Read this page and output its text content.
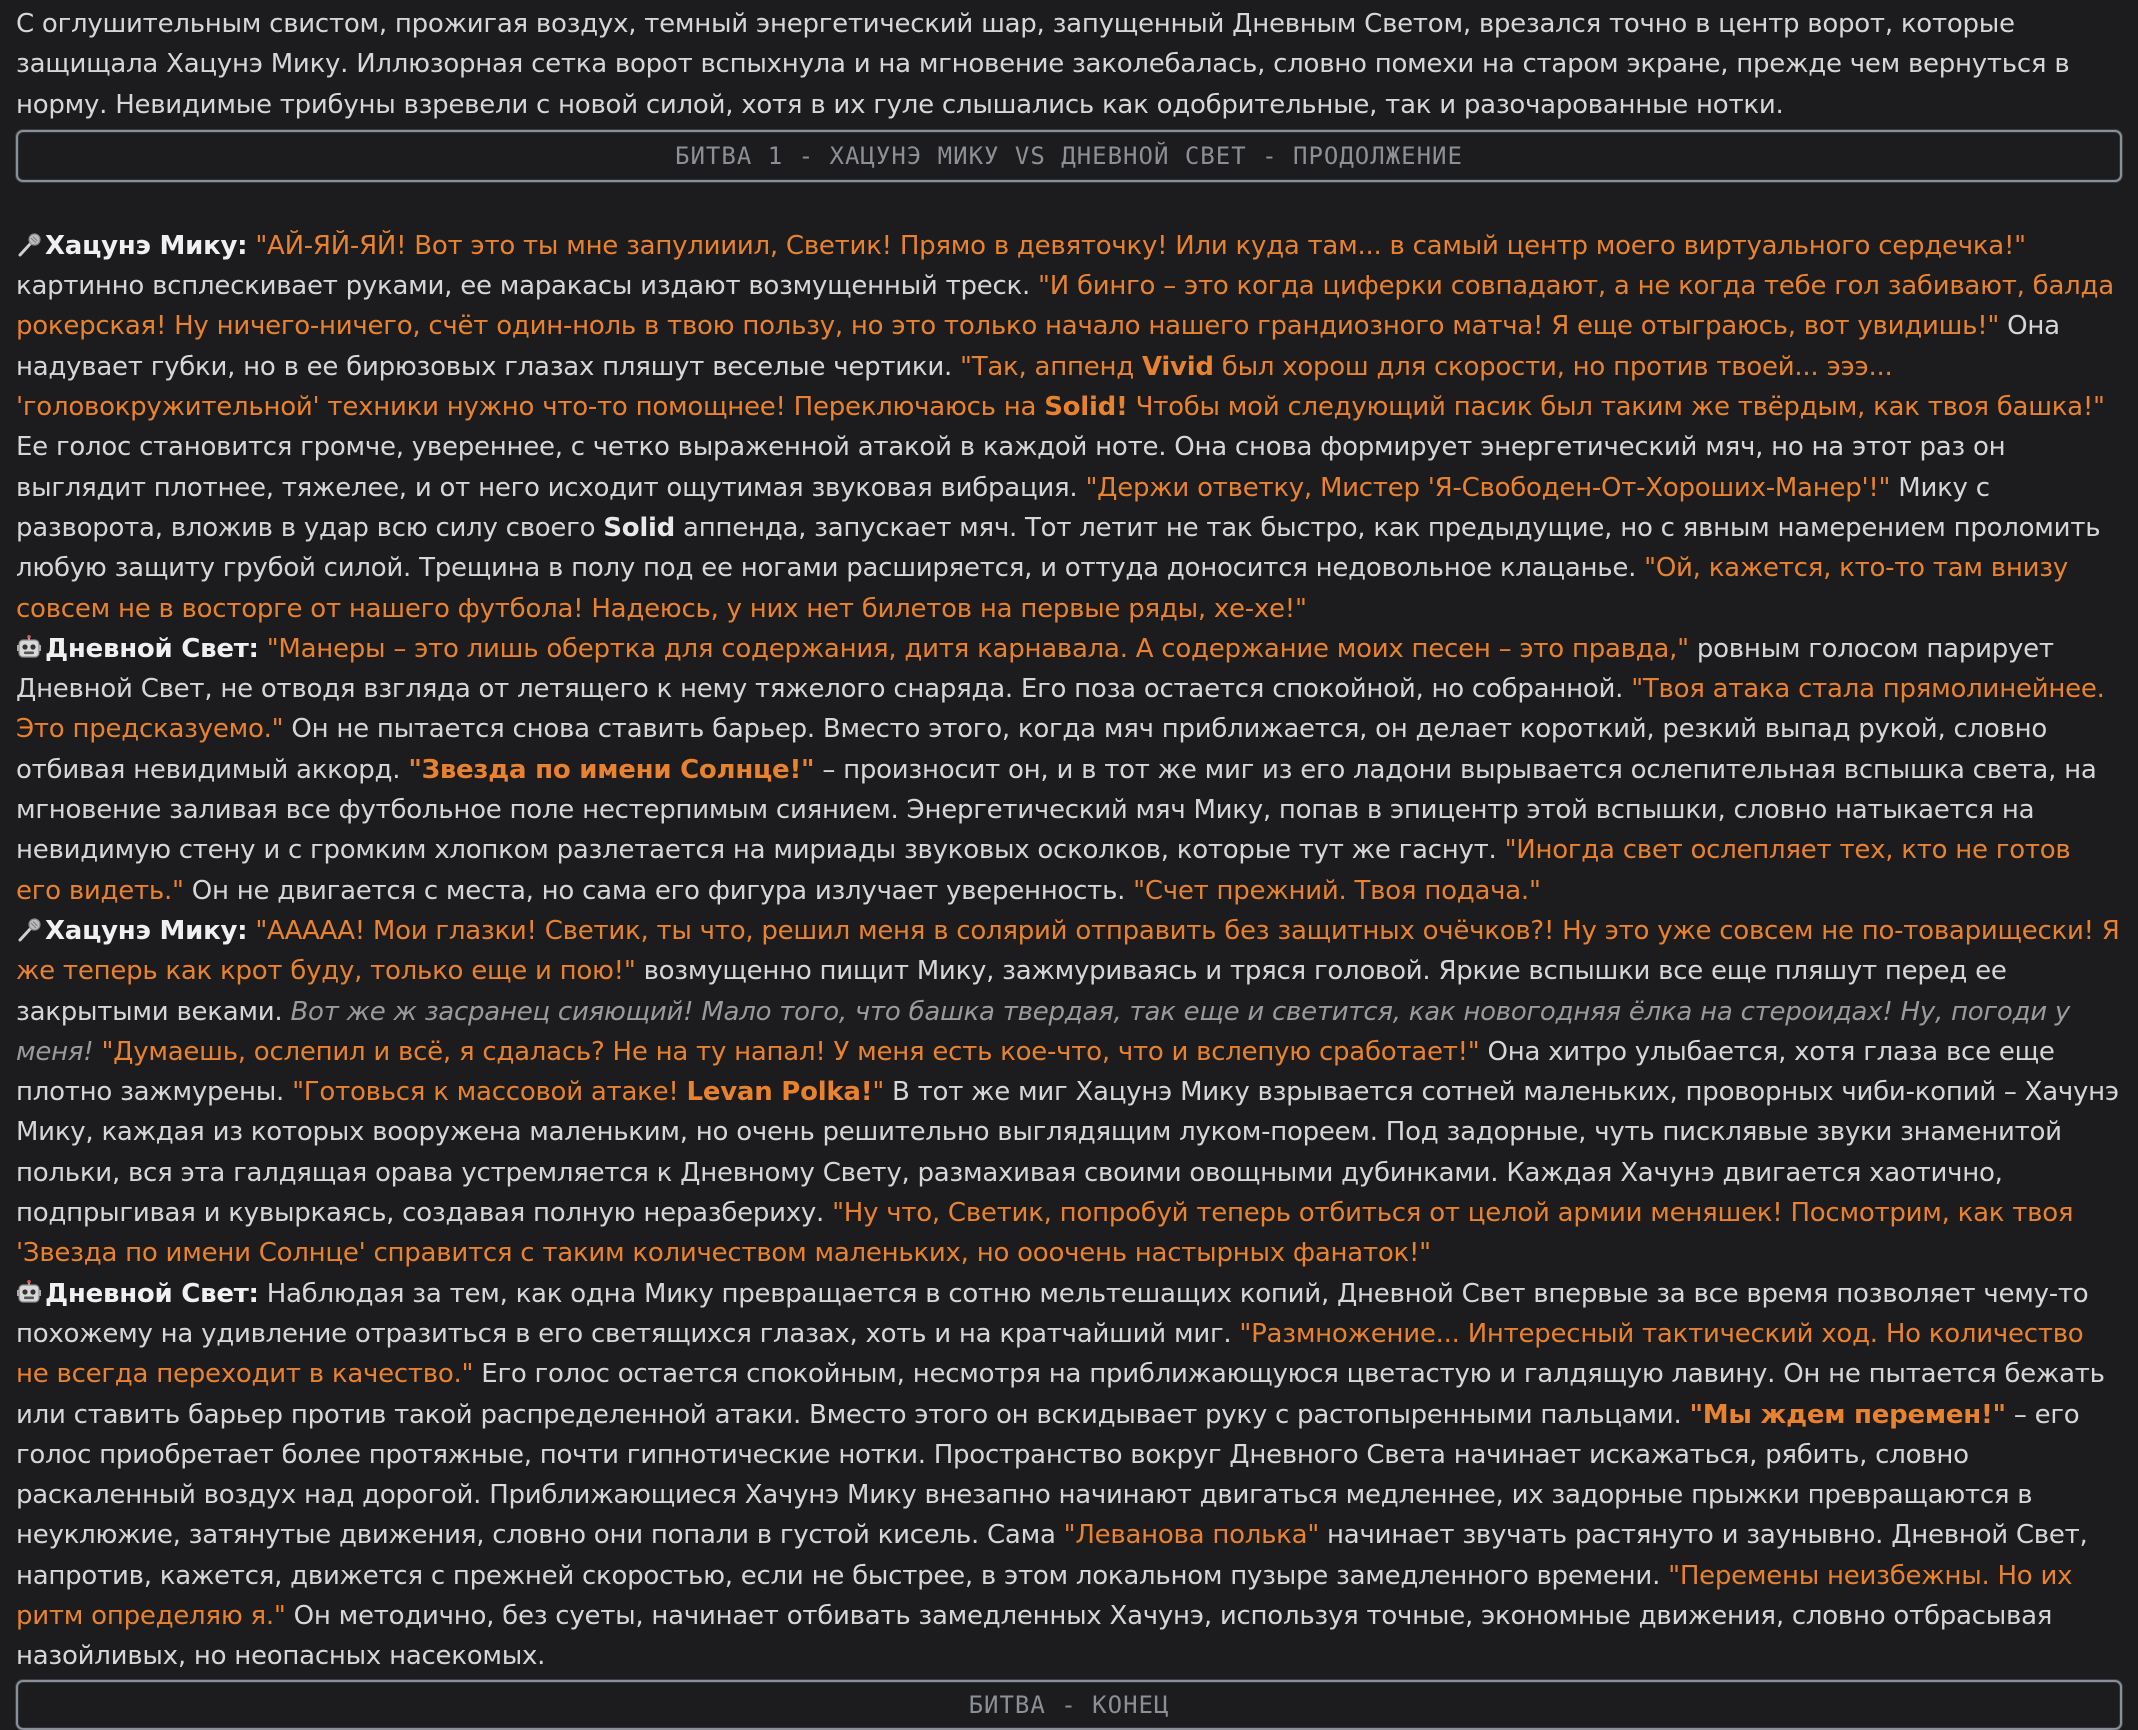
С оглушительным свистом, прожигая воздух, темный энергетический шар, запущенный Дневным Светом, врезался точно в центр ворот, которые защищала Хацунэ Мику. Иллюзорная сетка ворот вспыхнула и на мгновение заколебалась, словно помехи на старом экране, прежде чем вернуться в норму. Невидимые трибуны взревели с новой силой, хотя в их гуле слышались как одобрительные, так и разочарованные нотки.

БИТВА 1 - ХАЦУНЭ МИКУ VS ДНЕВНОЙ СВЕТ - ПРОДОЛЖЕНИЕ

Хацунэ Мику: "АЙ-ЯЙ-ЯЙ! Вот это ты мне запулииил, Светик! Прямо в девяточку! Или куда там... в самый центр моего виртуального сердечка!" картинно всплескивает руками, ее маракасы издают возмущенный треск. "И бинго – это когда циферки совпадают, а не когда тебе гол забивают, балда рокерская! Ну ничего-ничего, счёт один-ноль в твою пользу, но это только начало нашего грандиозного матча! Я еще отыграюсь, вот увидишь!" Она надувает губки, но в ее бирюзовых глазах пляшут веселые чертики. "Так, аппенд Vivid был хорош для скорости, но против твоей... эээ... 'головокружительной' техники нужно что-то помощнее! Переключаюсь на Solid! Чтобы мой следующий пасик был таким же твёрдым, как твоя башка!" Ее голос становится громче, увереннее, с четко выраженной атакой в каждой ноте. Она снова формирует энергетический мяч, но на этот раз он выглядит плотнее, тяжелее, и от него исходит ощутимая звуковая вибрация. "Держи ответку, Мистер 'Я-Свободен-От-Хороших-Манер'!" Мику с разворота, вложив в удар всю силу своего Solid аппенда, запускает мяч. Тот летит не так быстро, как предыдущие, но с явным намерением проломить любую защиту грубой силой. Трещина в полу под ее ногами расширяется, и оттуда доносится недовольное клацанье. "Ой, кажется, кто-то там внизу совсем не в восторге от нашего футбола! Надеюсь, у них нет билетов на первые ряды, хе-хе!"

Дневной Свет: "Манеры – это лишь обертка для содержания, дитя карнавала. А содержание моих песен – это правда," ровным голосом парирует Дневной Свет, не отводя взгляда от летящего к нему тяжелого снаряда. Его поза остается спокойной, но собранной. "Твоя атака стала прямолинейнее. Это предсказуемо." Он не пытается снова ставить барьер. Вместо этого, когда мяч приближается, он делает короткий, резкий выпад рукой, словно отбивая невидимый аккорд. "Звезда по имени Солнце!" – произносит он, и в тот же миг из его ладони вырывается ослепительная вспышка света, на мгновение заливая все футбольное поле нестерпимым сиянием. Энергетический мяч Мику, попав в эпицентр этой вспышки, словно натыкается на невидимую стену и с громким хлопком разлетается на мириады звуковых осколков, которые тут же гаснут. "Иногда свет ослепляет тех, кто не готов его видеть." Он не двигается с места, но сама его фигура излучает уверенность. "Счет прежний. Твоя подача."

Хацунэ Мику: "ААААА! Мои глазки! Светик, ты что, решил меня в солярий отправить без защитных очёчков?! Ну это уже совсем не по-товарищески! Я же теперь как крот буду, только еще и пою!" возмущенно пищит Мику, зажмуриваясь и тряся головой. Яркие вспышки все еще пляшут перед ее закрытыми веками. Вот же ж засранец сияющий! Мало того, что башка твердая, так еще и светится, как новогодняя ёлка на стероидах! Ну, погоди у меня! "Думаешь, ослепил и всё, я сдалась? Не на ту напал! У меня есть кое-что, что и вслепую сработает!" Она хитро улыбается, хотя глаза все еще плотно зажмурены. "Готовься к массовой атаке! Levan Polka!" В тот же миг Хацунэ Мику взрывается сотней маленьких, проворных чиби-копий – Хачунэ Мику, каждая из которых вооружена маленьким, но очень решительно выглядящим луком-пореем. Под задорные, чуть писклявые звуки знаменитой польки, вся эта галдящая орава устремляется к Дневному Свету, размахивая своими овощными дубинками. Каждая Хачунэ двигается хаотично, подпрыгивая и кувыркаясь, создавая полную неразбериху. "Ну что, Светик, попробуй теперь отбиться от целой армии меняшек! Посмотрим, как твоя 'Звезда по имени Солнце' справится с таким количеством маленьких, но ooочень настырных фанаток!"

Дневной Свет: Наблюдая за тем, как одна Мику превращается в сотню мельтешащих копий, Дневной Свет впервые за все время позволяет чему-то похожему на удивление отразиться в его светящихся глазах, хоть и на кратчайший миг. "Размножение... Интересный тактический ход. Но количество не всегда переходит в качество." Его голос остается спокойным, несмотря на приближающуюся цветастую и галдящую лавину. Он не пытается бежать или ставить барьер против такой распределенной атаки. Вместо этого он вскидывает руку с растопыренными пальцами. "Мы ждем перемен!" – его голос приобретает более протяжные, почти гипнотические нотки. Пространство вокруг Дневного Света начинает искажаться, рябить, словно раскаленный воздух над дорогой. Приближающиеся Хачунэ Мику внезапно начинают двигаться медленнее, их задорные прыжки превращаются в неуклюжие, затянутые движения, словно они попали в густой кисель. Сама "Леванова полька" начинает звучать растянуто и заунывно. Дневной Свет, напротив, кажется, движется с прежней скоростью, если не быстрее, в этом локальном пузыре замедленного времени. "Перемены неизбежны. Но их ритм определяю я." Он методично, без суеты, начинает отбивать замедленных Хачунэ, используя точные, экономные движения, словно отбрасывая назойливых, но неопасных насекомых.

БИТВА - КОНЕЦ
